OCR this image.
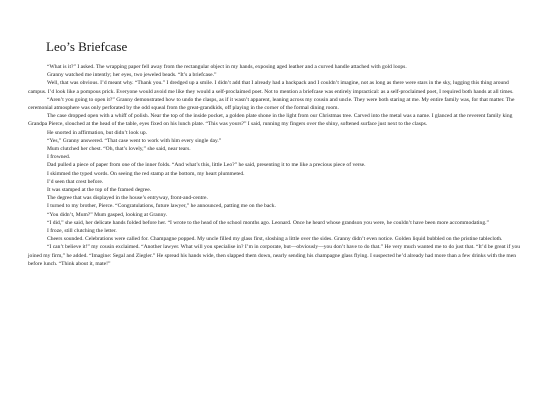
Leo’s Briefcase

“What is it?” I asked. The wrapping paper fell away from the rectangular object in my hands, exposing aged leather and a curved handle attached with gold loops.

Granny watched me intently; her eyes, two jeweled beads. “It’s a briefcase.”

Well, that was obvious. I’d meant why. “Thank you.” I dredged up a smile. I didn’t add that I already had a backpack and I couldn’t imagine, not as long as there were stars in the sky, lugging this thing around campus. I’d look like a pompous prick. Everyone would avoid me like they would a self-proclaimed poet. Not to mention a briefcase was entirely impractical: as a self-proclaimed poet, I required both hands at all times.

“Aren’t you going to open it?” Granny demonstrated how to undo the clasps, as if it wasn’t apparent, leaning across my cousin and uncle. They were both staring at me. My entire family was, for that matter. The ceremonial atmosphere was only perforated by the odd squeal from the great-grandkids, off playing in the corner of the formal dining room.

The case dropped open with a whiff of polish. Near the top of the inside pocket, a golden plate shone in the light from our Christmas tree. Carved into the metal was a name. I glanced at the reverent family king Grandpa Pierce, slouched at the head of the table, eyes fixed on his lunch plate. “This was yours?” I said, running my fingers over the shiny, softened surface just next to the clasps.

He snorted in affirmation, but didn’t look up.

“Yes,” Granny answered. “That case went to work with him every single day.”

Mum clutched her chest. “Oh, that’s lovely,” she said, near tears.

I frowned.

Dad pulled a piece of paper from one of the inner folds. “And what’s this, little Leo?” he said, presenting it to me like a precious piece of verse.

I skimmed the typed words. On seeing the red stamp at the bottom, my heart plummeted.

I’d seen that crest before.

It was stamped at the top of the framed degree.

The degree that was displayed in the house’s entryway, front-and-centre.

I turned to my brother, Pierce. “Congratulations, future lawyer,” he announced, patting me on the back.

“You didn’t, Mum?” Mum gasped, looking at Granny.

“I did,” she said, her delicate hands folded before her. “I wrote to the head of the school months ago. Leonard. Once he heard whose grandson you were, he couldn’t have been more accommodating.”

I froze, still clutching the letter.

Cheers sounded. Celebrations were called for. Champagne popped. My uncle filled my glass first, sloshing a little over the sides. Granny didn’t even notice. Golden liquid bubbled on the pristine tablecloth.

“I can’t believe it!” my cousin exclaimed. “Another lawyer. What will you specialise in? I’m in corporate, but—obviously—you don’t have to do that.” He very much wanted me to do just that. “It’d be great if you joined my firm,” he added. “Imagine: Segal and Ziegler.” He spread his hands wide, then slapped them down, nearly sending his champagne glass flying. I suspected he’d already had more than a few drinks with the men before lunch. “Think about it, mate!”
